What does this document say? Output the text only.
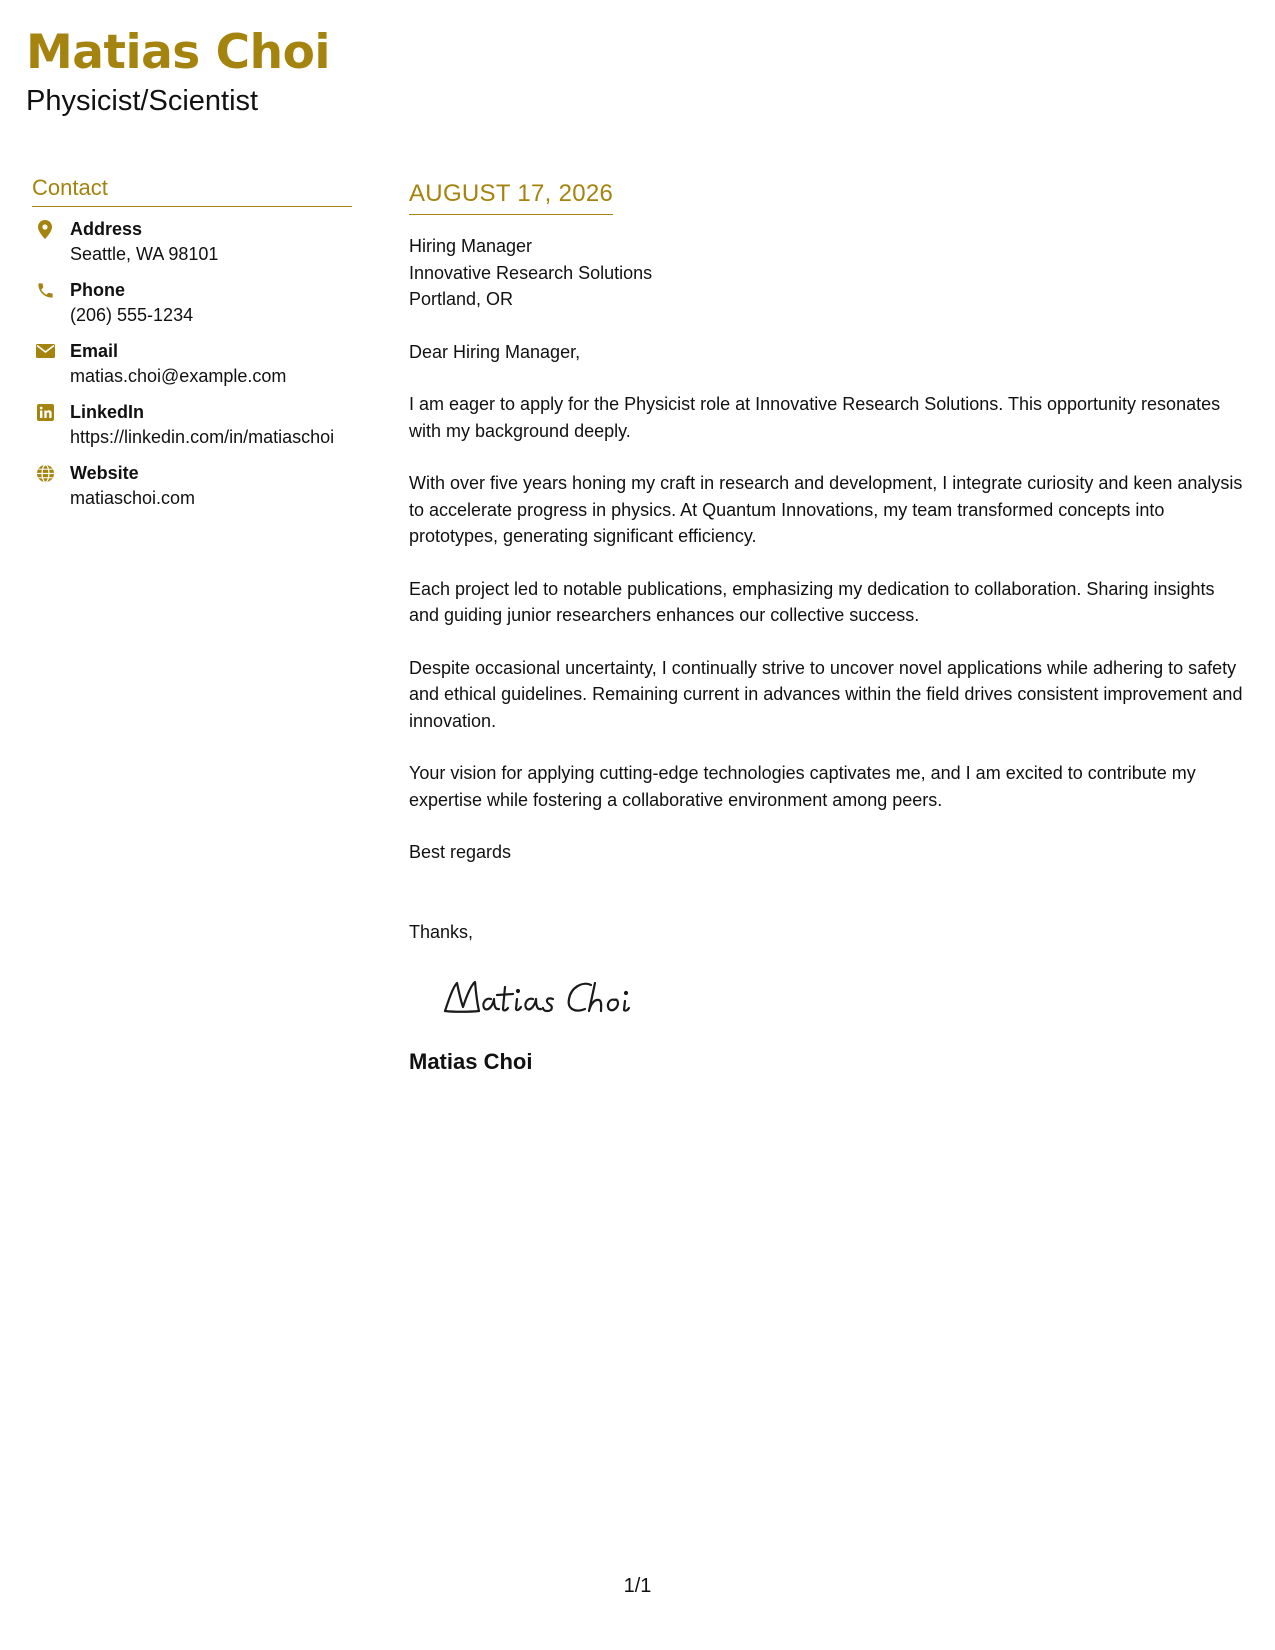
Matias Choi
Physicist/Scientist
Contact
Address
Seattle, WA 98101
Phone
(206) 555-1234
Email
matias.choi@example.com
LinkedIn
https://linkedin.com/in/matiaschoi
Website
matiaschoi.com
AUGUST 17, 2026
Hiring Manager
Innovative Research Solutions
Portland, OR

Dear Hiring Manager,

I am eager to apply for the Physicist role at Innovative Research Solutions. This opportunity resonates with my background deeply.

With over five years honing my craft in research and development, I integrate curiosity and keen analysis to accelerate progress in physics. At Quantum Innovations, my team transformed concepts into prototypes, generating significant efficiency.

Each project led to notable publications, emphasizing my dedication to collaboration. Sharing insights and guiding junior researchers enhances our collective success.

Despite occasional uncertainty, I continually strive to uncover novel applications while adhering to safety and ethical guidelines. Remaining current in advances within the field drives consistent improvement and innovation.

Your vision for applying cutting-edge technologies captivates me, and I am excited to contribute my expertise while fostering a collaborative environment among peers.

Best regards

Thanks,

Matias Choi
1/1
